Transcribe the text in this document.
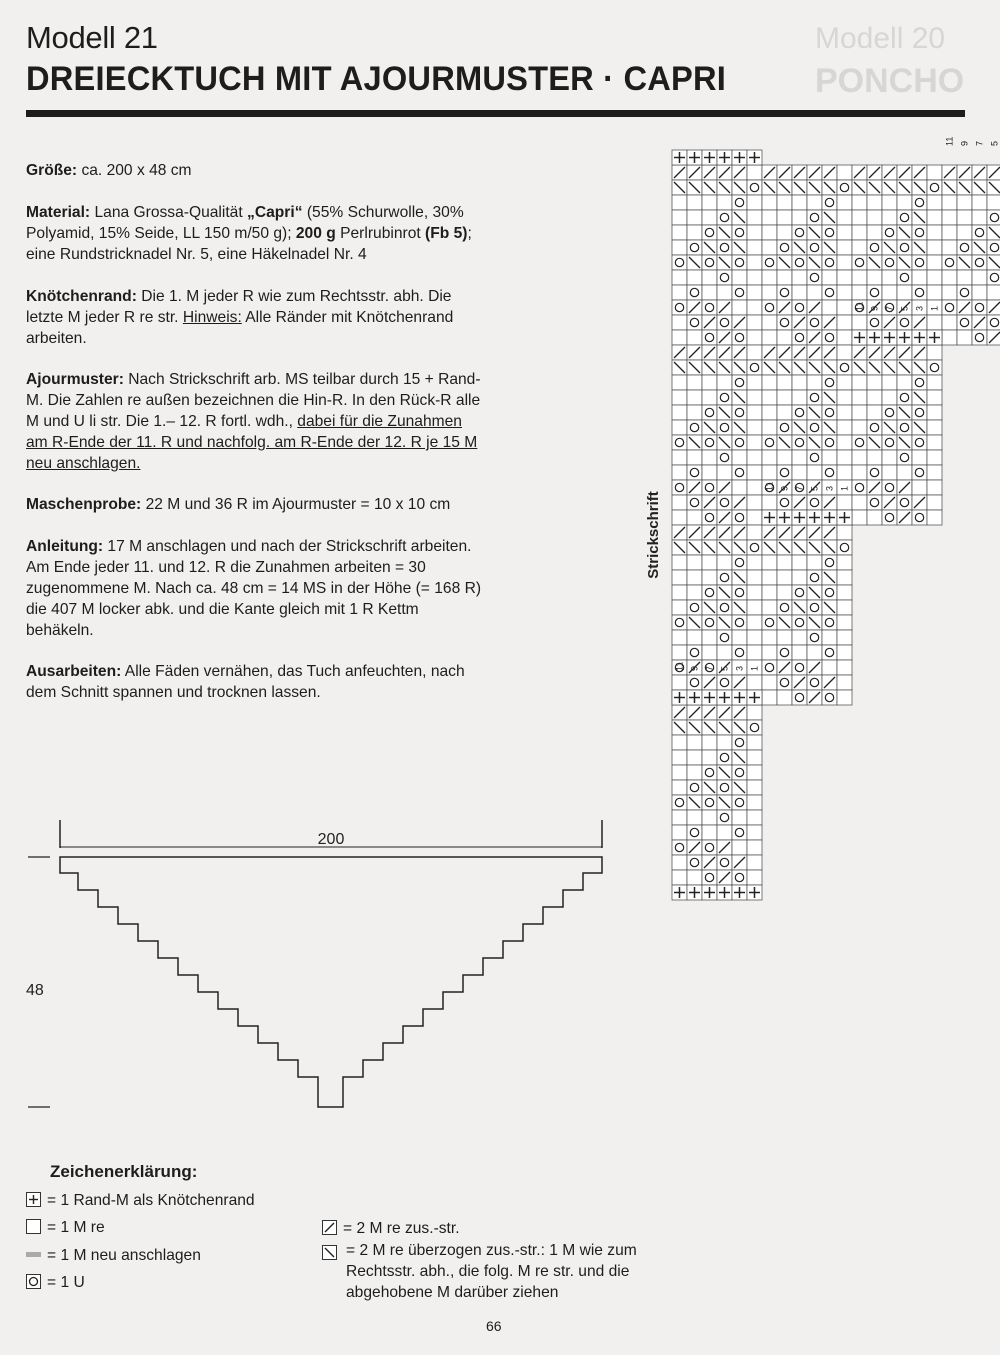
Modell 20
PONCHO
Modell 21
DREIECKTUCH MIT AJOURMUSTER · CAPRI
Größe: ca. 200 x 48 cm
Material: Lana Grossa-Qualität „Capri“ (55% Schurwolle, 30% Polyamid, 15% Seide, LL 150 m/50 g); 200 g Perlrubinrot (Fb 5); eine Rundstricknadel Nr. 5, eine Häkelnadel Nr. 4
Knötchenrand: Die 1. M jeder R wie zum Rechtsstr. abh. Die letzte M jeder R re str. Hinweis: Alle Ränder mit Knötchenrand arbeiten.
Ajourmuster: Nach Strickschrift arb. MS teilbar durch 15 + Rand-M. Die Zahlen re außen bezeichnen die Hin-R. In den Rück-R alle M und U li str. Die 1.– 12. R fortl. wdh., dabei für die Zunahmen am R-Ende der 11. R und nachfolg. am R-Ende der 12. R je 15 M neu anschlagen.
Maschenprobe: 22 M und 36 R im Ajourmuster = 10 x 10 cm
Anleitung: 17 M anschlagen und nach der Strickschrift arbeiten. Am Ende jeder 11. und 12. R die Zunahmen arbeiten = 30 zugenommene M. Nach ca. 48 cm = 14 MS in der Höhe (= 168 R) die 407 M locker abk. und die Kante gleich mit 1 R Kettm behäkeln.
Ausarbeiten: Alle Fäden vernähen, das Tuch anfeuchten, nach dem Schnitt spannen und trocknen lassen.
200
48
Zeichenerklärung:
= 1 Rand-M als Knötchenrand
= 1 M re
= 1 M neu anschlagen
= 1 U
= 2 M re zus.-str.
= 2 M re überzogen zus.-str.: 1 M wie zum Rechtsstr. abh., die folg. M re str. und die abgehobene M darüber ziehen
11 9 7 5
11 9 7 5 3 1
11 9 7 5 3 1
11 9 7 5 3 1
Strickschrift
66
